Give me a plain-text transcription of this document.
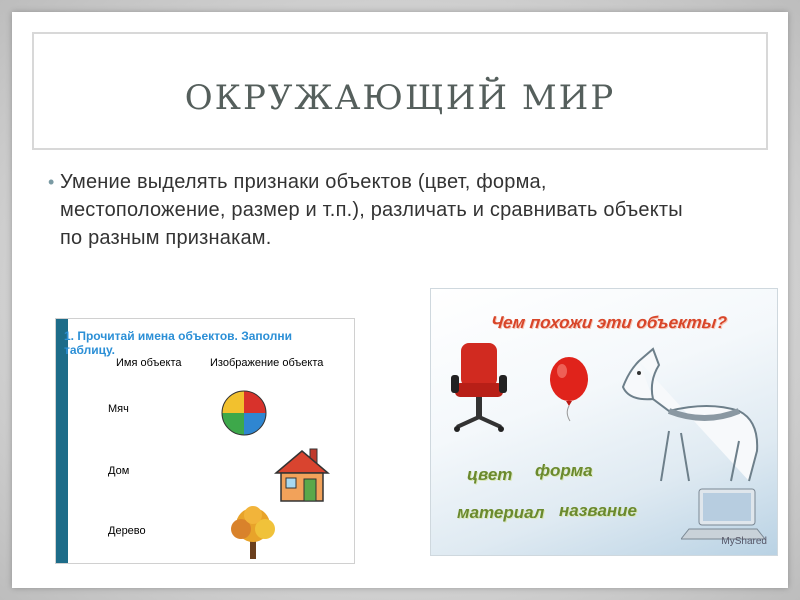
ОКРУЖАЮЩИЙ МИР
• Умение выделять признаки объектов (цвет, форма, местоположение, размер и т.п.), различать и сравнивать объекты по разным признакам.
1. Прочитай имена объектов. Заполни
таблицу.
Имя объекта	Изображение объекта
Мяч
Дом
Дерево
Чем похожи эти объекты?
цвет форма
материал название
MyShared
